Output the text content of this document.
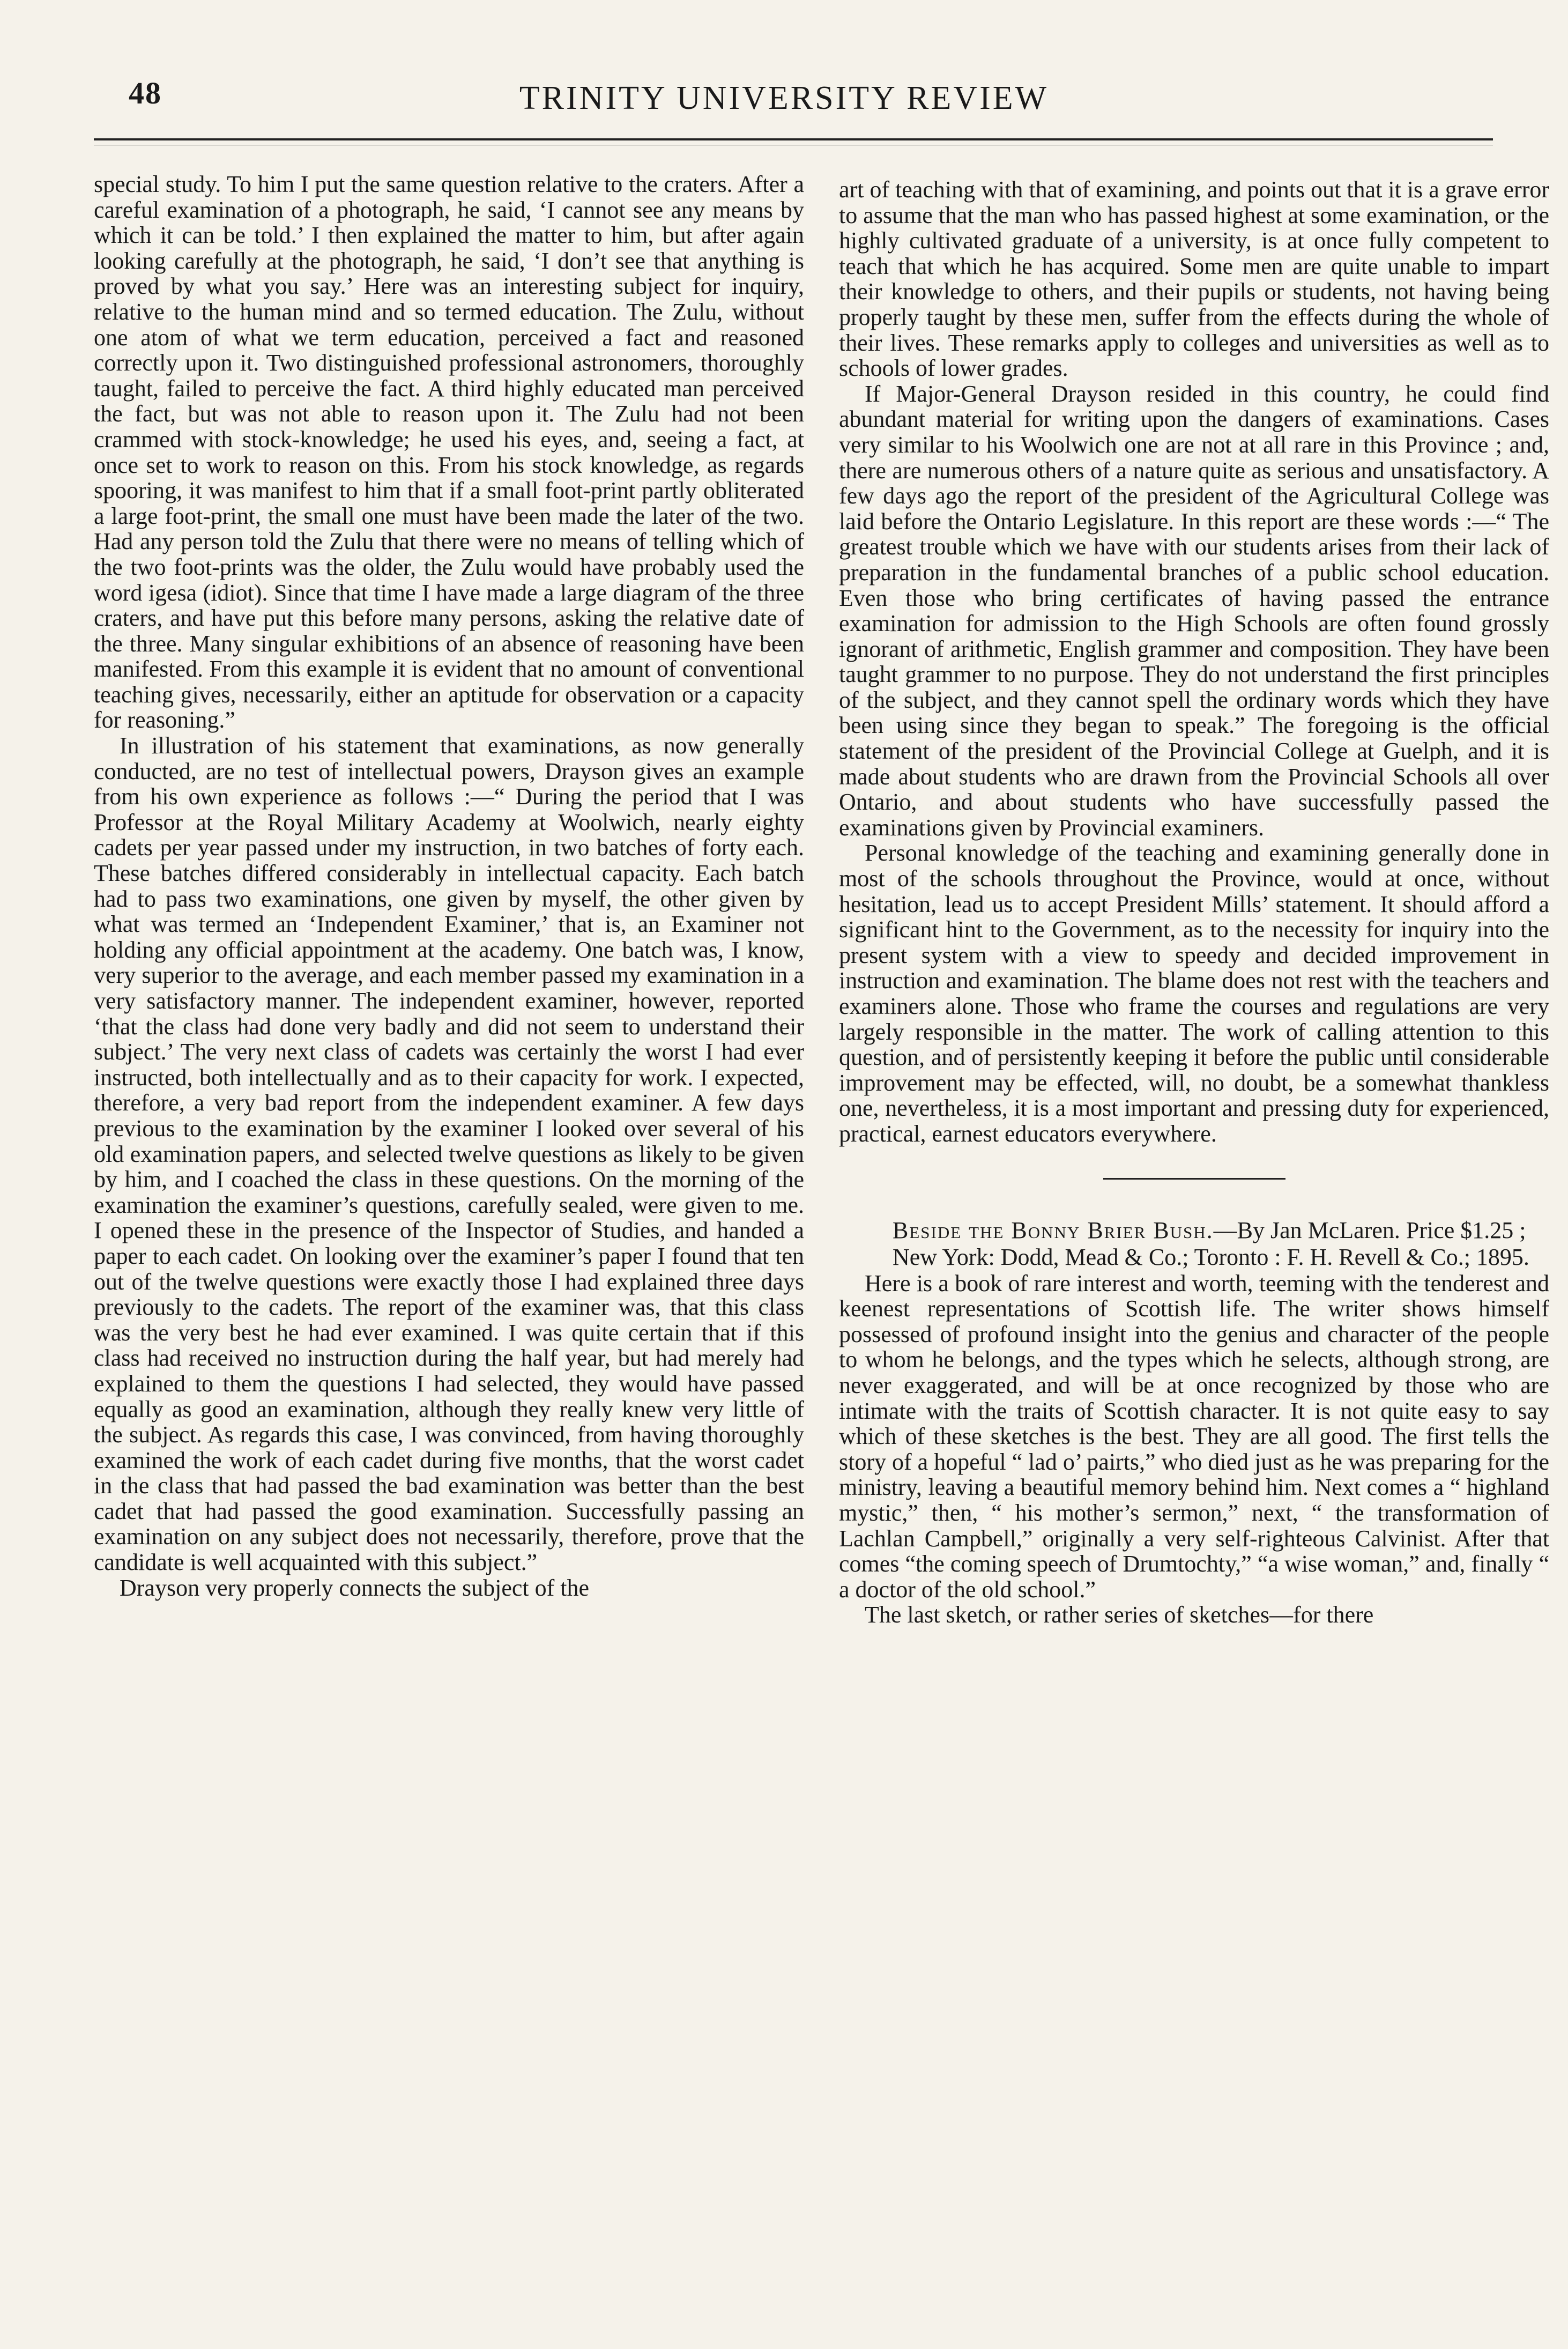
48	TRINITY UNIVERSITY REVIEW

special study. To him I put the same question relative to the craters. After a careful examination of a photograph, he said, ‘I cannot see any means by which it can be told.’ I then explained the matter to him, but after again looking carefully at the photograph, he said, ‘I don’t see that anything is proved by what you say.’ Here was an interesting subject for inquiry, relative to the human mind and so termed education. The Zulu, without one atom of what we term education, perceived a fact and reasoned correctly upon it. Two distinguished professional astronomers, thoroughly taught, failed to perceive the fact. A third highly educated man perceived the fact, but was not able to reason upon it. The Zulu had not been crammed with stock-knowledge; he used his eyes, and, seeing a fact, at once set to work to reason on this. From his stock knowledge, as regards spooring, it was manifest to him that if a small foot-print partly obliterated a large foot-print, the small one must have been made the later of the two. Had any person told the Zulu that there were no means of telling which of the two foot-prints was the older, the Zulu would have probably used the word igesa (idiot). Since that time I have made a large diagram of the three craters, and have put this before many persons, asking the relative date of the three. Many singular exhibitions of an absence of reasoning have been manifested. From this example it is evident that no amount of conventional teaching gives, necessarily, either an aptitude for observation or a capacity for reasoning.”

In illustration of his statement that examinations, as now generally conducted, are no test of intellectual powers, Drayson gives an example from his own experience as follows :—“ During the period that I was Professor at the Royal Military Academy at Woolwich, nearly eighty cadets per year passed under my instruction, in two batches of forty each. These batches differed considerably in intellectual capacity. Each batch had to pass two examinations, one given by myself, the other given by what was termed an ‘Independent Examiner,’ that is, an Examiner not holding any official appointment at the academy. One batch was, I know, very superior to the average, and each member passed my examination in a very satisfactory manner. The independent examiner, however, reported ‘that the class had done very badly and did not seem to understand their subject.’ The very next class of cadets was certainly the worst I had ever instructed, both intellectually and as to their capacity for work. I expected, therefore, a very bad report from the independent examiner. A few days previous to the examination by the examiner I looked over several of his old examination papers, and selected twelve questions as likely to be given by him, and I coached the class in these questions. On the morning of the examination the examiner’s questions, carefully sealed, were given to me. I opened these in the presence of the Inspector of Studies, and handed a paper to each cadet. On looking over the examiner’s paper I found that ten out of the twelve questions were exactly those I had explained three days previously to the cadets. The report of the examiner was, that this class was the very best he had ever examined. I was quite certain that if this class had received no instruction during the half year, but had merely had explained to them the questions I had selected, they would have passed equally as good an examination, although they really knew very little of the subject. As regards this case, I was convinced, from having thoroughly examined the work of each cadet during five months, that the worst cadet in the class that had passed the bad examination was better than the best cadet that had passed the good examination. Successfully passing an examination on any subject does not necessarily, therefore, prove that the candidate is well acquainted with this subject.”

Drayson very properly connects the subject of the

art of teaching with that of examining, and points out that it is a grave error to assume that the man who has passed highest at some examination, or the highly cultivated graduate of a university, is at once fully competent to teach that which he has acquired. Some men are quite unable to impart their knowledge to others, and their pupils or students, not having being properly taught by these men, suffer from the effects during the whole of their lives. These remarks apply to colleges and universities as well as to schools of lower grades.

If Major-General Drayson resided in this country, he could find abundant material for writing upon the dangers of examinations. Cases very similar to his Woolwich one are not at all rare in this Province ; and, there are numerous others of a nature quite as serious and unsatisfactory. A few days ago the report of the president of the Agricultural College was laid before the Ontario Legislature. In this report are these words :—“ The greatest trouble which we have with our students arises from their lack of preparation in the fundamental branches of a public school education. Even those who bring certificates of having passed the entrance examination for admission to the High Schools are often found grossly ignorant of arithmetic, English grammer and composition. They have been taught grammer to no purpose. They do not understand the first principles of the subject, and they cannot spell the ordinary words which they have been using since they began to speak.” The foregoing is the official statement of the president of the Provincial College at Guelph, and it is made about students who are drawn from the Provincial Schools all over Ontario, and about students who have successfully passed the examinations given by Provincial examiners.

Personal knowledge of the teaching and examining generally done in most of the schools throughout the Province, would at once, without hesitation, lead us to accept President Mills’ statement. It should afford a significant hint to the Government, as to the necessity for inquiry into the present system with a view to speedy and decided improvement in instruction and examination. The blame does not rest with the teachers and examiners alone. Those who frame the courses and regulations are very largely responsible in the matter. The work of calling attention to this question, and of persistently keeping it before the public until considerable improvement may be effected, will, no doubt, be a somewhat thankless one, nevertheless, it is a most important and pressing duty for experienced, practical, earnest educators everywhere.

Beside the Bonny Brier Bush.—By Jan McLaren. Price $1.25 ; New York: Dodd, Mead & Co.; Toronto : F. H. Revell & Co.; 1895.

Here is a book of rare interest and worth, teeming with the tenderest and keenest representations of Scottish life. The writer shows himself possessed of profound insight into the genius and character of the people to whom he belongs, and the types which he selects, although strong, are never exaggerated, and will be at once recognized by those who are intimate with the traits of Scottish character. It is not quite easy to say which of these sketches is the best. They are all good. The first tells the story of a hopeful “ lad o’ pairts,” who died just as he was preparing for the ministry, leaving a beautiful memory behind him. Next comes a “ highland mystic,” then, “ his mother’s sermon,” next, “ the transformation of Lachlan Campbell,” originally a very self-righteous Calvinist. After that comes “the coming speech of Drumtochty,” “a wise woman,” and, finally “ a doctor of the old school.”

The last sketch, or rather series of sketches—for there
